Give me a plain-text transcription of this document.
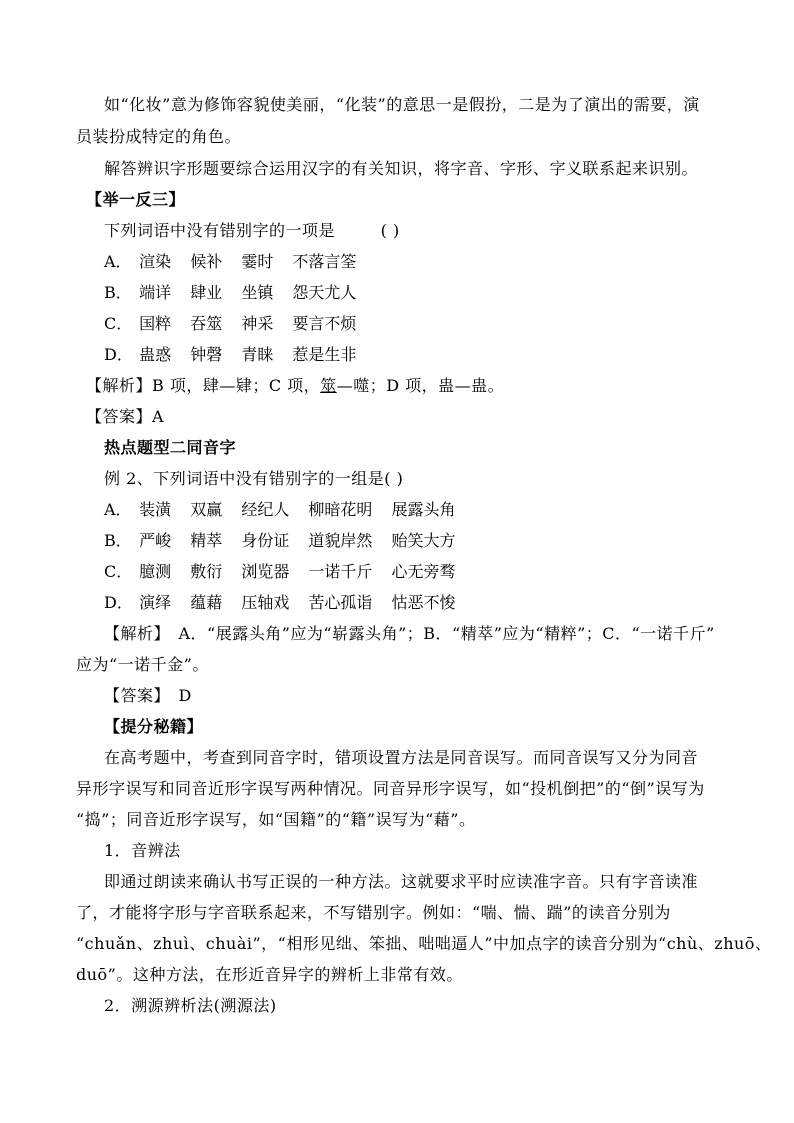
如“化妆”意为修饰容貌使美丽，“化装”的意思一是假扮，二是为了演出的需要，演
员装扮成特定的角色。
解答辨识字形题要综合运用汉字的有关知识，将字音、字形、字义联系起来识别。
【举一反三】
下列词语中没有错别字的一项是	( )
A． 渲染 候补 霎时 不落言筌
B． 端详 肆业 坐镇 怨天尤人
C． 国粹 吞筮 神采 要言不烦
D． 蛊惑 钟磬 青睐 惹是生非
【解析】B 项，肆—肄；C 项，筮—噬；D 项，蛊—蛊。
【答案】A
热点题型二同音字
例 2、下列词语中没有错别字的一组是( )
A． 装潢 双赢 经纪人 柳暗花明 展露头角
B． 严峻 精萃 身份证 道貌岸然 贻笑大方
C． 臆测 敷衍 浏览器 一诺千斤 心无旁骛
D． 演绎 蕴藉 压轴戏 苦心孤诣 怙恶不悛
【解析】　A．“展露头角”应为“崭露头角”；B．“精萃”应为“精粹”；C．“一诺千斤”
应为“一诺千金”。
【答案】　D
【提分秘籍】
在高考题中，考查到同音字时，错项设置方法是同音误写。而同音误写又分为同音
异形字误写和同音近形字误写两种情况。同音异形字误写，如“投机倒把”的“倒”误写为
“捣”；同音近形字误写，如“国籍”的“籍”误写为“藉”。
1．音辨法
即通过朗读来确认书写正误的一种方法。这就要求平时应读准字音。只有字音读准
了，才能将字形与字音联系起来，不写错别字。例如：“喘、惴、踹”的读音分别为
“chuǎn、zhuì、chuài”，“相形见绌、笨拙、咄咄逼人”中加点字的读音分别为“chù、zhuō、
duō”。这种方法，在形近音异字的辨析上非常有效。
2．溯源辨析法(溯源法)
